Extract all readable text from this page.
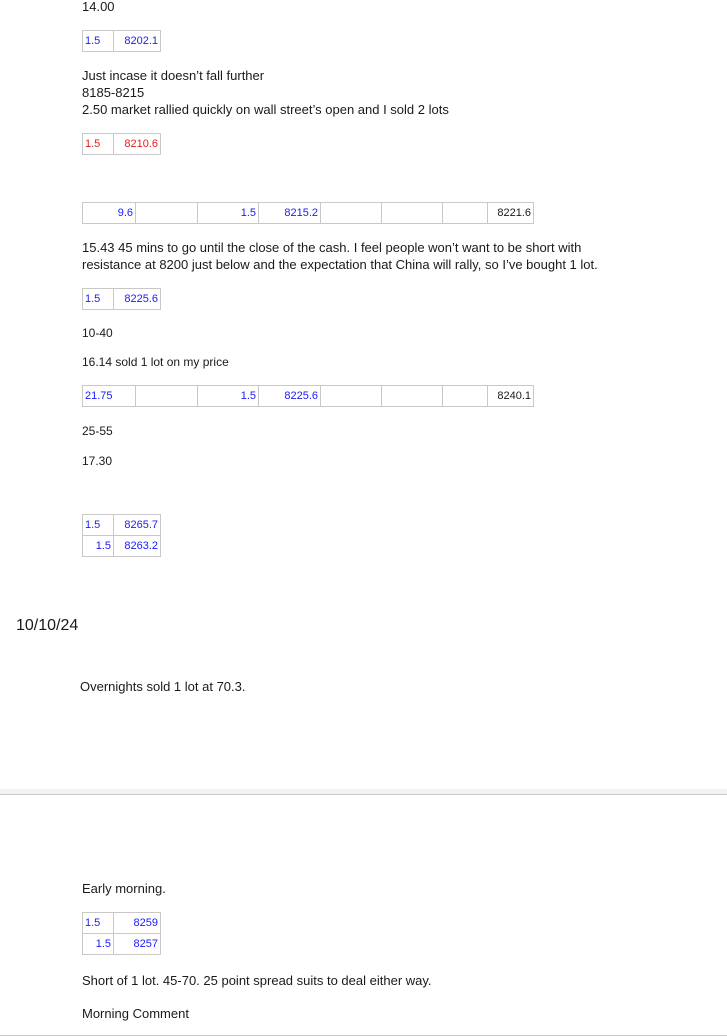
14.00
1.5	8202.1
Just incase it doesn’t fall further
8185-8215
2.50 market rallied quickly on wall street’s open and I sold 2 lots
1.5	8210.6
9.6		1.5	8215.2				8221.6
15.43 45 mins to go until the close of the cash. I feel people won’t want to be short with
resistance at 8200 just below and the expectation that China will rally, so I’ve bought 1 lot.
1.5	8225.6
10-40
16.14 sold 1 lot on my price
21.75		1.5	8225.6				8240.1
25-55
17.30
1.5	8265.7
1.5	8263.2
10/10/24
Overnights sold 1 lot at 70.3.
Early morning.
1.5	8259
1.5	8257
Short of 1 lot. 45-70. 25 point spread suits to deal either way.
Morning Comment
